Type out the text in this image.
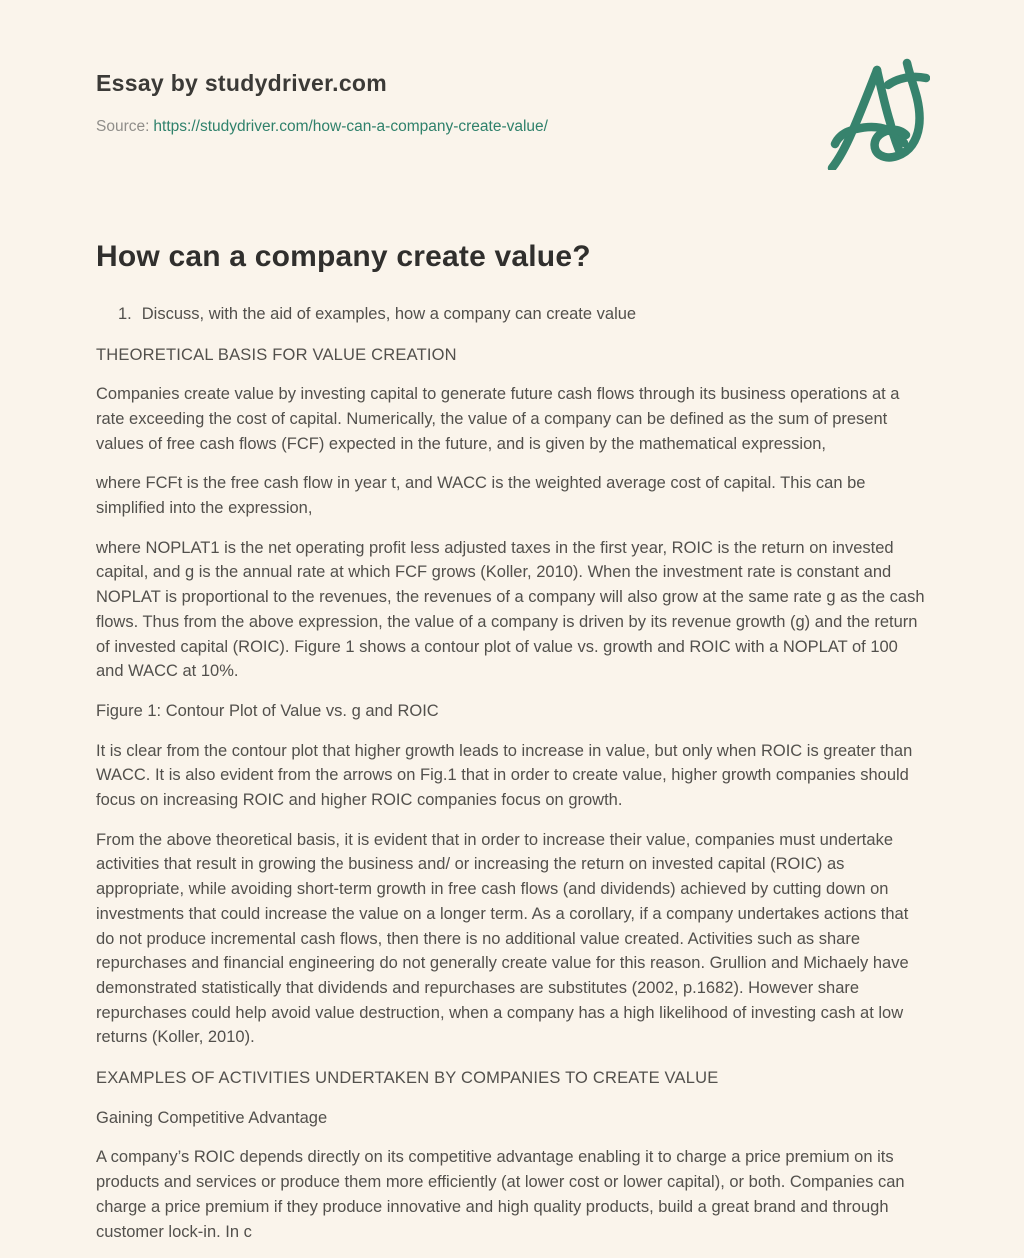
Essay by studydriver.com
Source: https://studydriver.com/how-can-a-company-create-value/
How can a company create value?
1. Discuss, with the aid of examples, how a company can create value

THEORETICAL BASIS FOR VALUE CREATION

Companies create value by investing capital to generate future cash flows through its business operations at a rate exceeding the cost of capital. Numerically, the value of a company can be defined as the sum of present values of free cash flows (FCF) expected in the future, and is given by the mathematical expression,

where FCFt is the free cash flow in year t, and WACC is the weighted average cost of capital. This can be simplified into the expression,

where NOPLAT1 is the net operating profit less adjusted taxes in the first year, ROIC is the return on invested capital, and g is the annual rate at which FCF grows (Koller, 2010). When the investment rate is constant and NOPLAT is proportional to the revenues, the revenues of a company will also grow at the same rate g as the cash flows. Thus from the above expression, the value of a company is driven by its revenue growth (g) and the return of invested capital (ROIC). Figure 1 shows a contour plot of value vs. growth and ROIC with a NOPLAT of 100 and WACC at 10%.

Figure 1: Contour Plot of Value vs. g and ROIC

It is clear from the contour plot that higher growth leads to increase in value, but only when ROIC is greater than WACC. It is also evident from the arrows on Fig.1 that in order to create value, higher growth companies should focus on increasing ROIC and higher ROIC companies focus on growth.

From the above theoretical basis, it is evident that in order to increase their value, companies must undertake activities that result in growing the business and/ or increasing the return on invested capital (ROIC) as appropriate, while avoiding short-term growth in free cash flows (and dividends) achieved by cutting down on investments that could increase the value on a longer term. As a corollary, if a company undertakes actions that do not produce incremental cash flows, then there is no additional value created. Activities such as share repurchases and financial engineering do not generally create value for this reason. Grullion and Michaely have demonstrated statistically that dividends and repurchases are substitutes (2002, p.1682). However share repurchases could help avoid value destruction, when a company has a high likelihood of investing cash at low returns (Koller, 2010).

EXAMPLES OF ACTIVITIES UNDERTAKEN BY COMPANIES TO CREATE VALUE

Gaining Competitive Advantage

A company’s ROIC depends directly on its competitive advantage enabling it to charge a price premium on its products and services or produce them more efficiently (at lower cost or lower capital), or both. Companies can charge a price premium if they produce innovative and high quality products, build a great brand and through customer lock-in. In c
